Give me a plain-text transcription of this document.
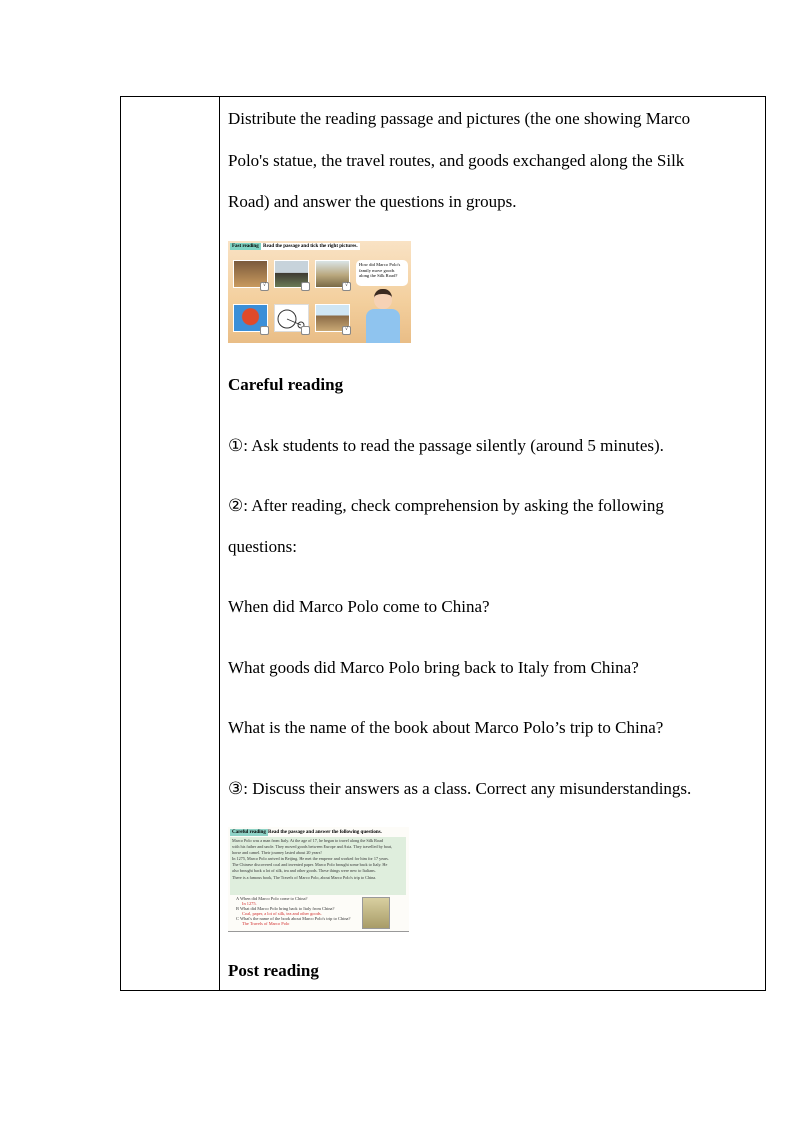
Distribute the reading passage and pictures (the one showing Marco
Polo's statue, the travel routes, and goods exchanged along the Silk
Road) and answer the questions in groups.
Fast reading Read the passage and tick the right pictures.
√	√
√
How did Marco Polo's family move goods along the Silk Road?
Careful reading
①: Ask students to read the passage silently (around 5 minutes).
②: After reading, check comprehension by asking the following
questions:
When did Marco Polo come to China?
What goods did Marco Polo bring back to Italy from China?
What is the name of the book about Marco Polo’s trip to China?
③: Discuss their answers as a class. Correct any misunderstandings.
Careful reading Read the passage and answer the following questions.
Marco Polo was a man from Italy. At the age of 17, he began to travel along the Silk Road
with his father and uncle. They moved goods between Europe and Asia. They travelled by boat,
horse and camel. Their journey lasted about 20 years!
In 1275, Marco Polo arrived in Beijing. He met the emperor and worked for him for 17 years.
The Chinese discovered coal and invented paper. Marco Polo brought some back to Italy. He
also brought back a lot of silk, tea and other goods. These things were new to Italians.
There is a famous book, The Travels of Marco Polo, about Marco Polo's trip to China.
A When did Marco Polo come to China?
In 1275.
B What did Marco Polo bring back to Italy from China?
Coal, paper, a lot of silk, tea and other goods.
C What's the name of the book about Marco Polo's trip to China?
The Travels of Marco Polo
Post reading
